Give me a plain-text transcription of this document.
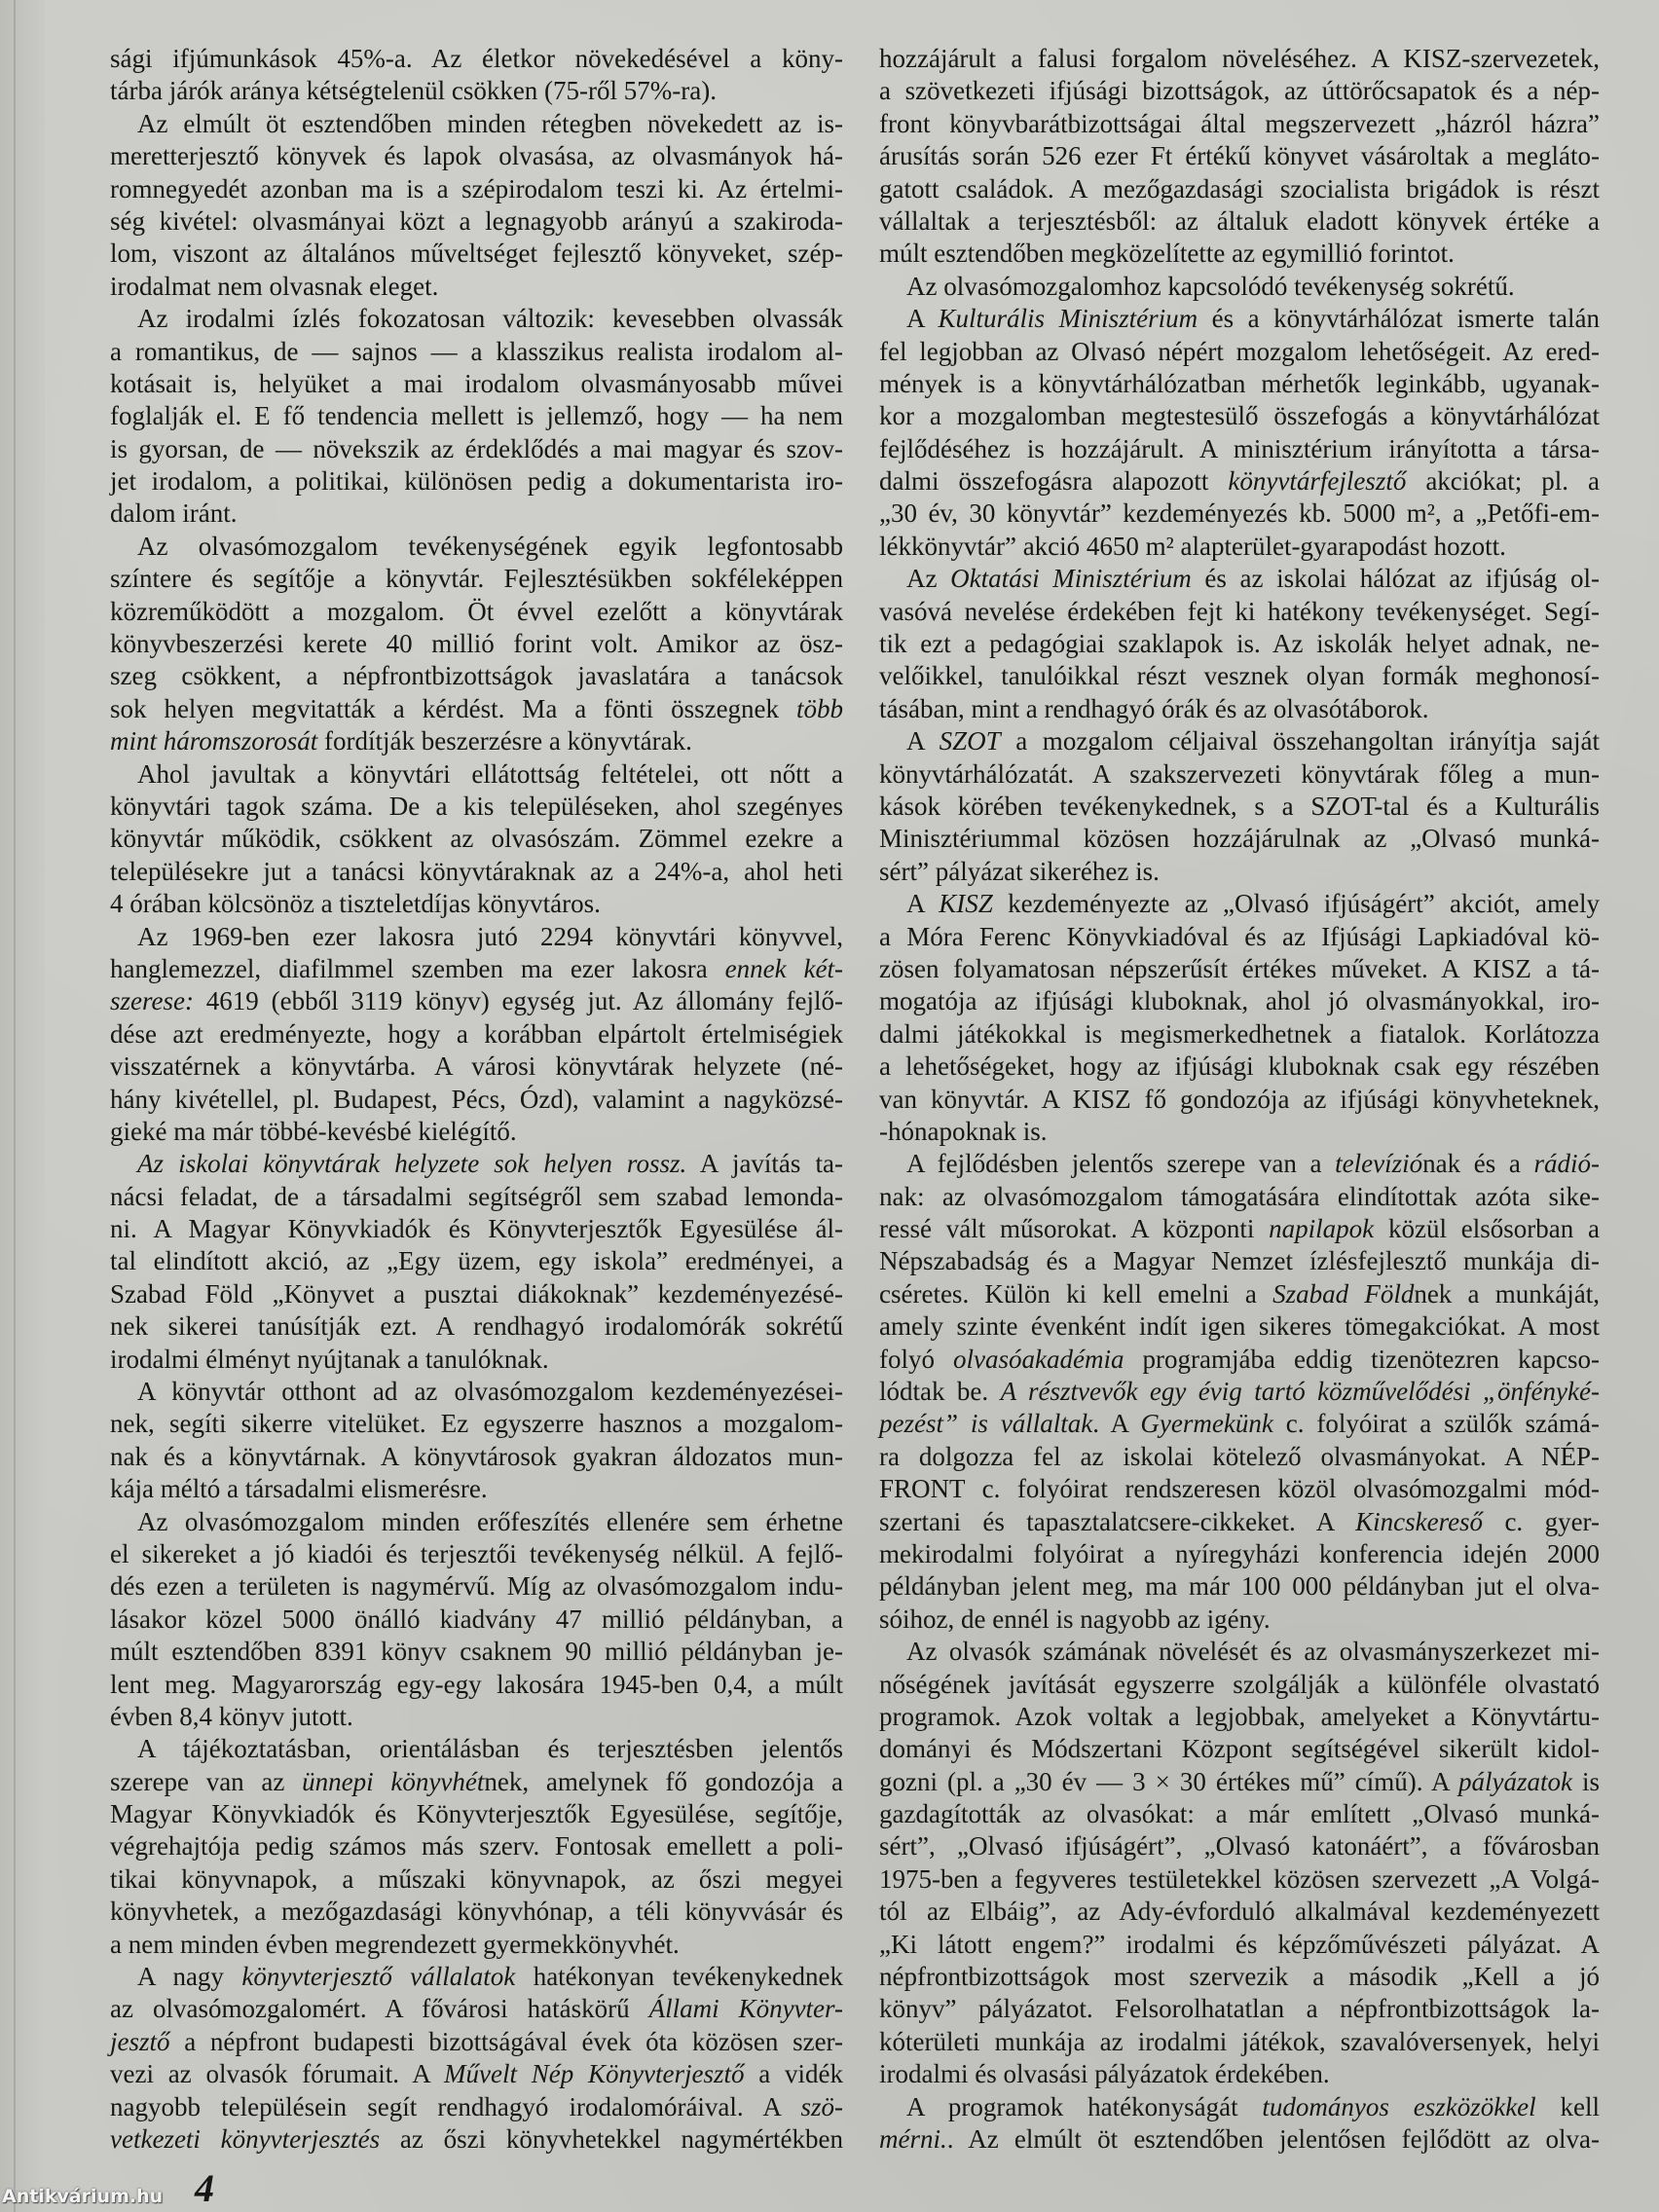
sági ifjúmunkások 45%-a. Az életkor növekedésével a köny-
tárba járók aránya kétségtelenül csökken (75-ről 57%-ra).
Az elmúlt öt esztendőben minden rétegben növekedett az is-
meretterjesztő könyvek és lapok olvasása, az olvasmányok há-
romnegyedét azonban ma is a szépirodalom teszi ki. Az értelmi-
ség kivétel: olvasmányai közt a legnagyobb arányú a szakiroda-
lom, viszont az általános műveltséget fejlesztő könyveket, szép-
irodalmat nem olvasnak eleget.
Az irodalmi ízlés fokozatosan változik: kevesebben olvassák
a romantikus, de — sajnos — a klasszikus realista irodalom al-
kotásait is, helyüket a mai irodalom olvasmányosabb művei
foglalják el. E fő tendencia mellett is jellemző, hogy — ha nem
is gyorsan, de — növekszik az érdeklődés a mai magyar és szov-
jet irodalom, a politikai, különösen pedig a dokumentarista iro-
dalom iránt.
Az olvasómozgalom tevékenységének egyik legfontosabb
színtere és segítője a könyvtár. Fejlesztésükben sokféleképpen
közreműködött a mozgalom. Öt évvel ezelőtt a könyvtárak
könyvbeszerzési kerete 40 millió forint volt. Amikor az ösz-
szeg csökkent, a népfrontbizottságok javaslatára a tanácsok
sok helyen megvitatták a kérdést. Ma a fönti összegnek több
mint háromszorosát fordítják beszerzésre a könyvtárak.
Ahol javultak a könyvtári ellátottság feltételei, ott nőtt a
könyvtári tagok száma. De a kis településeken, ahol szegényes
könyvtár működik, csökkent az olvasószám. Zömmel ezekre a
településekre jut a tanácsi könyvtáraknak az a 24%-a, ahol heti
4 órában kölcsönöz a tiszteletdíjas könyvtáros.
Az 1969-ben ezer lakosra jutó 2294 könyvtári könyvvel,
hanglemezzel, diafilmmel szemben ma ezer lakosra ennek két-
szerese: 4619 (ebből 3119 könyv) egység jut. Az állomány fejlő-
dése azt eredményezte, hogy a korábban elpártolt értelmiségiek
visszatérnek a könyvtárba. A városi könyvtárak helyzete (né-
hány kivétellel, pl. Budapest, Pécs, Ózd), valamint a nagyközsé-
gieké ma már többé-kevésbé kielégítő.
Az iskolai könyvtárak helyzete sok helyen rossz. A javítás ta-
nácsi feladat, de a társadalmi segítségről sem szabad lemonda-
ni. A Magyar Könyvkiadók és Könyvterjesztők Egyesülése ál-
tal elindított akció, az „Egy üzem, egy iskola” eredményei, a
Szabad Föld „Könyvet a pusztai diákoknak” kezdeményezésé-
nek sikerei tanúsítják ezt. A rendhagyó irodalomórák sokrétű
irodalmi élményt nyújtanak a tanulóknak.
A könyvtár otthont ad az olvasómozgalom kezdeményezései-
nek, segíti sikerre vitelüket. Ez egyszerre hasznos a mozgalom-
nak és a könyvtárnak. A könyvtárosok gyakran áldozatos mun-
kája méltó a társadalmi elismerésre.
Az olvasómozgalom minden erőfeszítés ellenére sem érhetne
el sikereket a jó kiadói és terjesztői tevékenység nélkül. A fejlő-
dés ezen a területen is nagymérvű. Míg az olvasómozgalom indu-
lásakor közel 5000 önálló kiadvány 47 millió példányban, a
múlt esztendőben 8391 könyv csaknem 90 millió példányban je-
lent meg. Magyarország egy-egy lakosára 1945-ben 0,4, a múlt
évben 8,4 könyv jutott.
A tájékoztatásban, orientálásban és terjesztésben jelentős
szerepe van az ünnepi könyvhétnek, amelynek fő gondozója a
Magyar Könyvkiadók és Könyvterjesztők Egyesülése, segítője,
végrehajtója pedig számos más szerv. Fontosak emellett a poli-
tikai könyvnapok, a műszaki könyvnapok, az őszi megyei
könyvhetek, a mezőgazdasági könyvhónap, a téli könyvvásár és
a nem minden évben megrendezett gyermekkönyvhét.
A nagy könyvterjesztő vállalatok hatékonyan tevékenykednek
az olvasómozgalomért. A fővárosi hatáskörű Állami Könyvter-
jesztő a népfront budapesti bizottságával évek óta közösen szer-
vezi az olvasók fórumait. A Művelt Nép Könyvterjesztő a vidék
nagyobb településein segít rendhagyó irodalomóráival. A szö-
vetkezeti könyvterjesztés az őszi könyvhetekkel nagymértékben
hozzájárult a falusi forgalom növeléséhez. A KISZ-szervezetek,
a szövetkezeti ifjúsági bizottságok, az úttörőcsapatok és a nép-
front könyvbarátbizottságai által megszervezett „házról házra”
árusítás során 526 ezer Ft értékű könyvet vásároltak a megláto-
gatott családok. A mezőgazdasági szocialista brigádok is részt
vállaltak a terjesztésből: az általuk eladott könyvek értéke a
múlt esztendőben megközelítette az egymillió forintot.
Az olvasómozgalomhoz kapcsolódó tevékenység sokrétű.
A Kulturális Minisztérium és a könyvtárhálózat ismerte talán
fel legjobban az Olvasó népért mozgalom lehetőségeit. Az ered-
mények is a könyvtárhálózatban mérhetők leginkább, ugyanak-
kor a mozgalomban megtestesülő összefogás a könyvtárhálózat
fejlődéséhez is hozzájárult. A minisztérium irányította a társa-
dalmi összefogásra alapozott könyvtárfejlesztő akciókat; pl. a
„30 év, 30 könyvtár” kezdeményezés kb. 5000 m², a „Petőfi-em-
lékkönyvtár” akció 4650 m² alapterület-gyarapodást hozott.
Az Oktatási Minisztérium és az iskolai hálózat az ifjúság ol-
vasóvá nevelése érdekében fejt ki hatékony tevékenységet. Segí-
tik ezt a pedagógiai szaklapok is. Az iskolák helyet adnak, ne-
velőikkel, tanulóikkal részt vesznek olyan formák meghonosí-
tásában, mint a rendhagyó órák és az olvasótáborok.
A SZOT a mozgalom céljaival összehangoltan irányítja saját
könyvtárhálózatát. A szakszervezeti könyvtárak főleg a mun-
kások körében tevékenykednek, s a SZOT-tal és a Kulturális
Minisztériummal közösen hozzájárulnak az „Olvasó munká-
sért” pályázat sikeréhez is.
A KISZ kezdeményezte az „Olvasó ifjúságért” akciót, amely
a Móra Ferenc Könyvkiadóval és az Ifjúsági Lapkiadóval kö-
zösen folyamatosan népszerűsít értékes műveket. A KISZ a tá-
mogatója az ifjúsági kluboknak, ahol jó olvasmányokkal, iro-
dalmi játékokkal is megismerkedhetnek a fiatalok. Korlátozza
a lehetőségeket, hogy az ifjúsági kluboknak csak egy részében
van könyvtár. A KISZ fő gondozója az ifjúsági könyvheteknek,
-hónapoknak is.
A fejlődésben jelentős szerepe van a televíziónak és a rádió-
nak: az olvasómozgalom támogatására elindítottak azóta sike-
ressé vált műsorokat. A központi napilapok közül elsősorban a
Népszabadság és a Magyar Nemzet ízlésfejlesztő munkája di-
cséretes. Külön ki kell emelni a Szabad Földnek a munkáját,
amely szinte évenként indít igen sikeres tömegakciókat. A most
folyó olvasóakadémia programjába eddig tizenötezren kapcso-
lódtak be. A résztvevők egy évig tartó közművelődési „önfényké-
pezést” is vállaltak. A Gyermekünk c. folyóirat a szülők számá-
ra dolgozza fel az iskolai kötelező olvasmányokat. A NÉP-
FRONT c. folyóirat rendszeresen közöl olvasómozgalmi mód-
szertani és tapasztalatcsere-cikkeket. A Kincskereső c. gyer-
mekirodalmi folyóirat a nyíregyházi konferencia idején 2000
példányban jelent meg, ma már 100 000 példányban jut el olva-
sóihoz, de ennél is nagyobb az igény.
Az olvasók számának növelését és az olvasmányszerkezet mi-
nőségének javítását egyszerre szolgálják a különféle olvastató
programok. Azok voltak a legjobbak, amelyeket a Könyvtártu-
dományi és Módszertani Központ segítségével sikerült kidol-
gozni (pl. a „30 év — 3 × 30 értékes mű” című). A pályázatok is
gazdagították az olvasókat: a már említett „Olvasó munká-
sért”, „Olvasó ifjúságért”, „Olvasó katonáért”, a fővárosban
1975-ben a fegyveres testületekkel közösen szervezett „A Volgá-
tól az Elbáig”, az Ady-évforduló alkalmával kezdeményezett
„Ki látott engem?” irodalmi és képzőművészeti pályázat. A
népfrontbizottságok most szervezik a második „Kell a jó
könyv” pályázatot. Felsorolhatatlan a népfrontbizottságok la-
kóterületi munkája az irodalmi játékok, szavalóversenyek, helyi
irodalmi és olvasási pályázatok érdekében.
A programok hatékonyságát tudományos eszközökkel kell
mérni.. Az elmúlt öt esztendőben jelentősen fejlődött az olva-
4
Antikvárium.hu
